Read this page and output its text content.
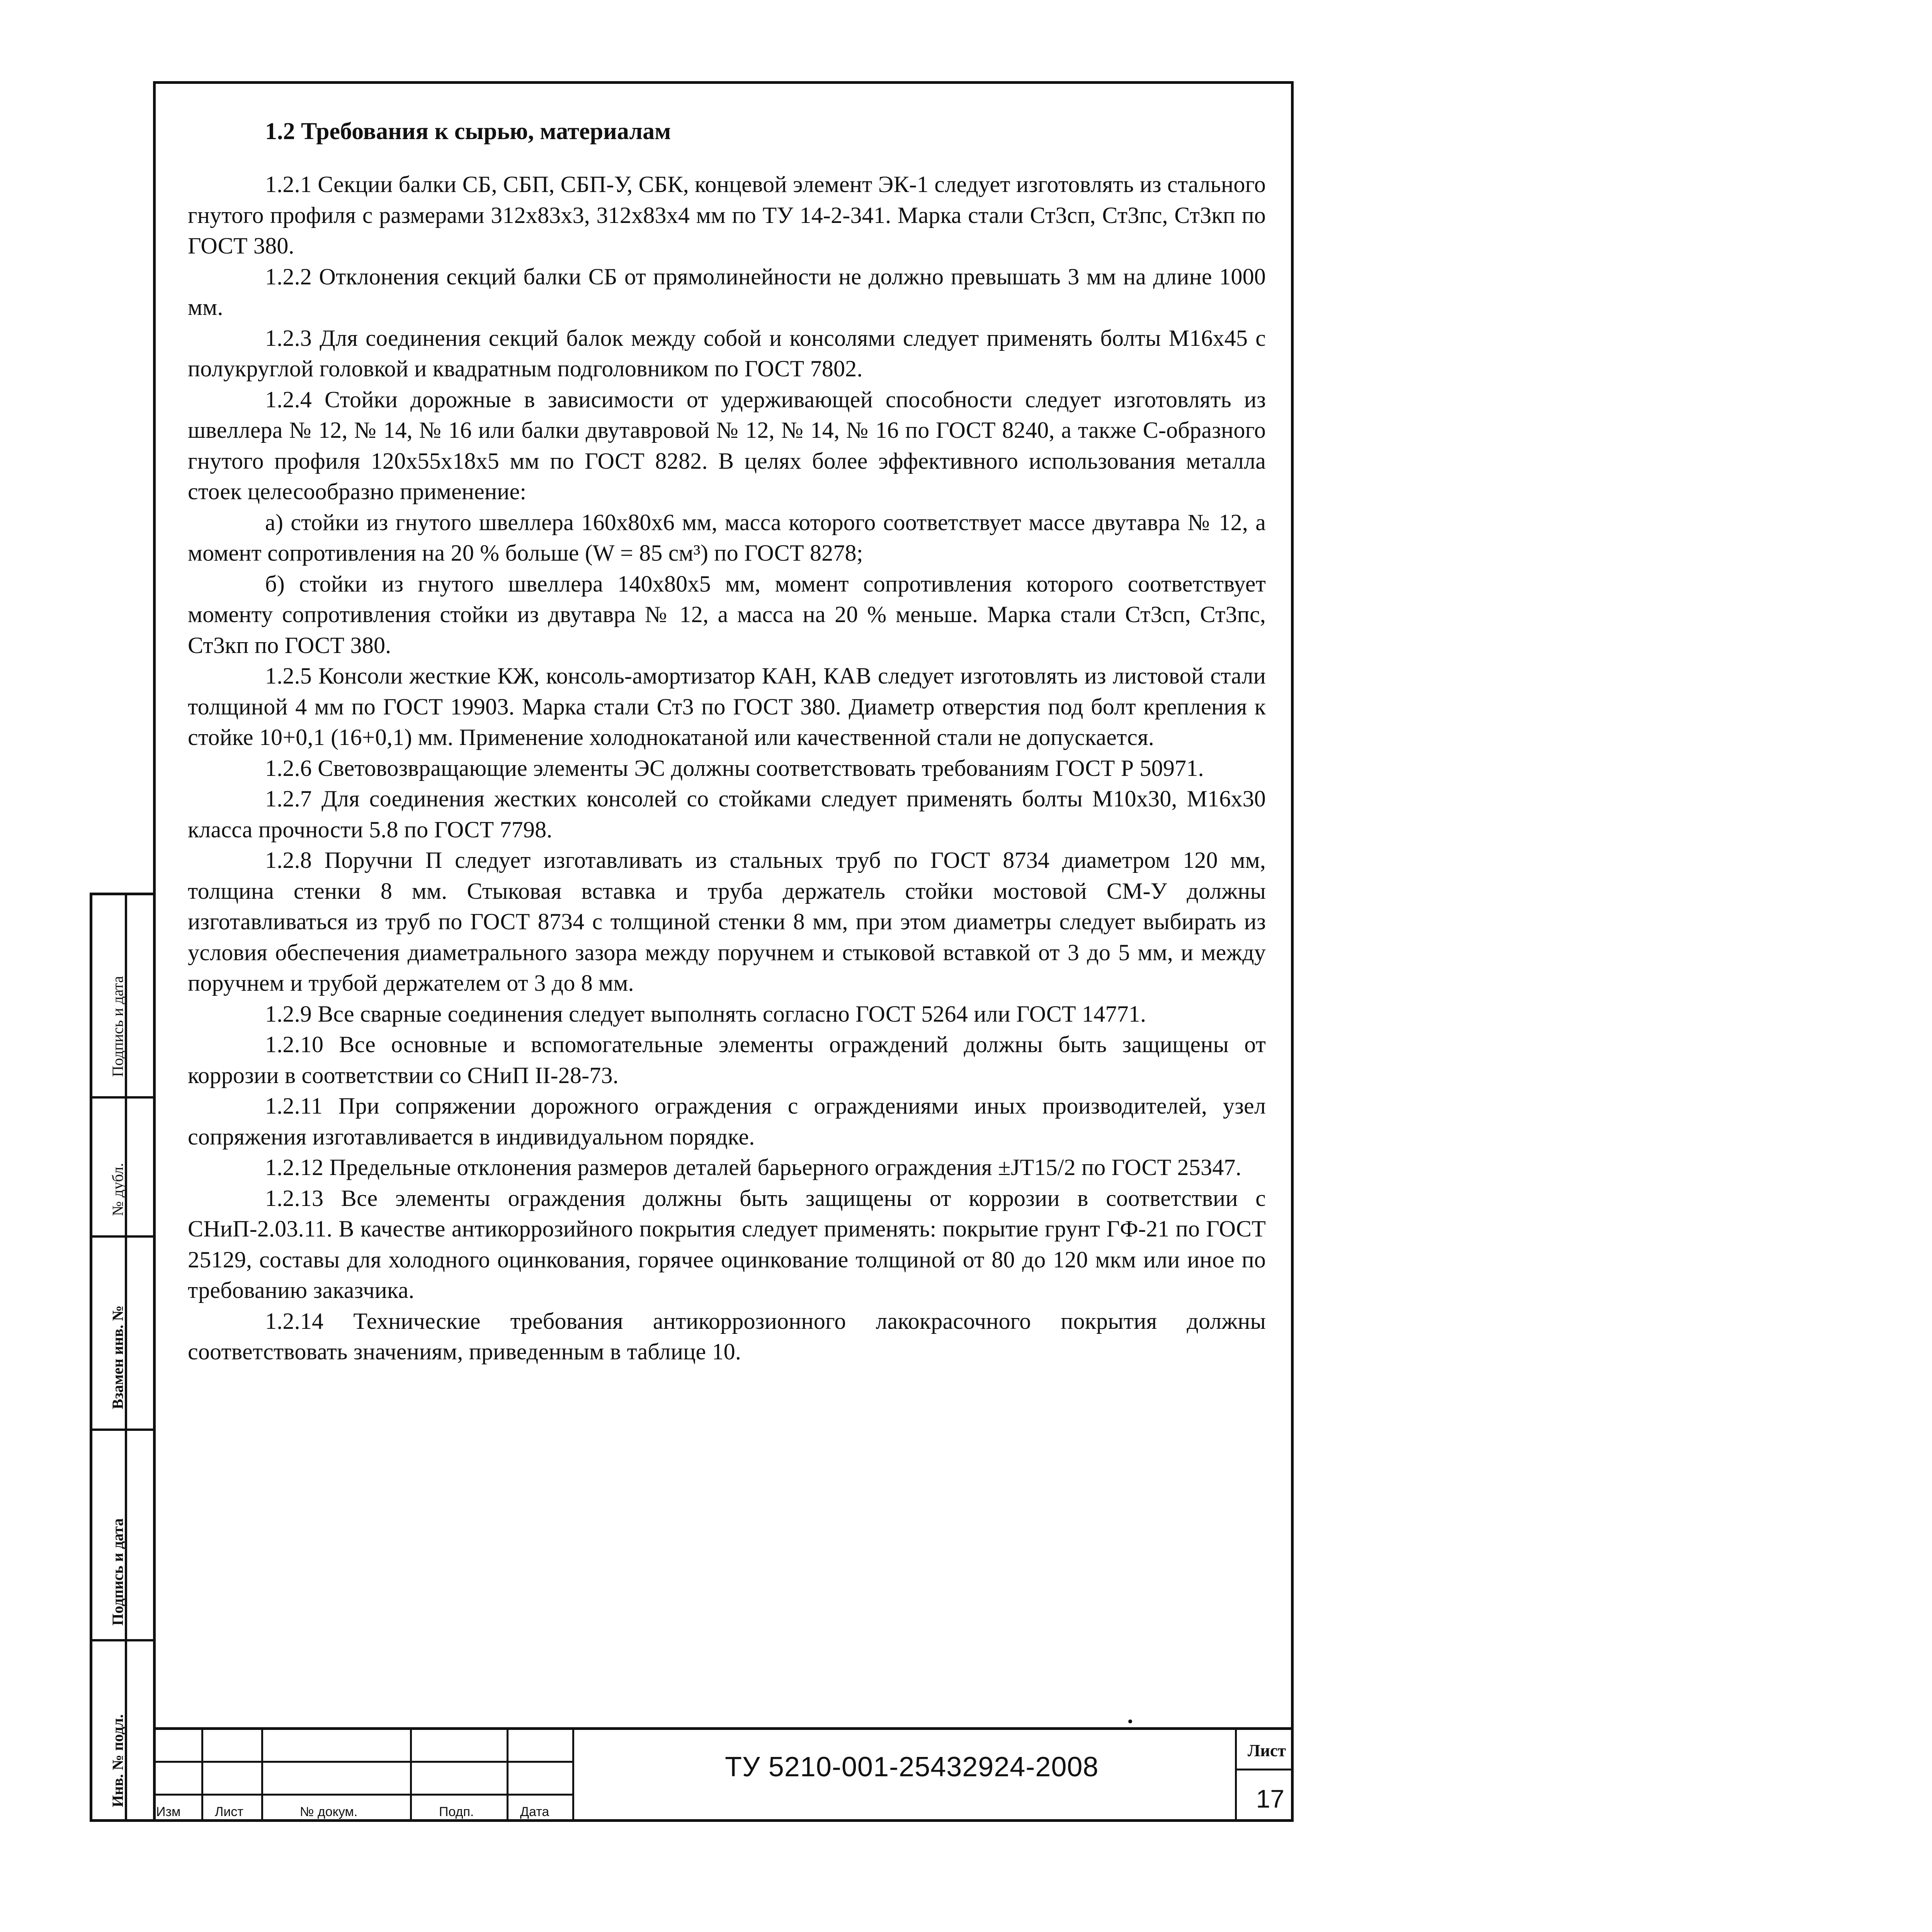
Подпись и дата
№ дубл.
Взамен инв. №
Подпись и дата
Инв. № подл.
1.2 Требования к сырью, материалам

1.2.1 Секции балки СБ, СБП, СБП-У, СБК, концевой элемент ЭК-1 следует изготовлять из стального гнутого профиля с размерами 312х83х3, 312х83х4 мм по ТУ 14-2-341. Марка стали Ст3сп, Ст3пс, Ст3кп по ГОСТ 380.

1.2.2 Отклонения секций балки СБ от прямолинейности не должно превышать 3 мм на длине 1000 мм.

1.2.3 Для соединения секций балок между собой и консолями следует применять болты М16х45 с полукруглой головкой и квадратным подголовником по ГОСТ 7802.

1.2.4 Стойки дорожные в зависимости от удерживающей способности следует изготовлять из швеллера № 12, № 14, № 16 или балки двутавровой № 12, № 14, № 16 по ГОСТ 8240, а также С-образного гнутого профиля 120х55х18х5 мм по ГОСТ 8282. В целях более эффективного использования металла стоек целесообразно применение:

а) стойки из гнутого швеллера 160х80х6 мм, масса которого соответствует массе двутавра № 12, а момент сопротивления на 20 % больше (W = 85 см³) по ГОСТ 8278;

б) стойки из гнутого швеллера 140х80х5 мм, момент сопротивления которого соответствует моменту сопротивления стойки из двутавра № 12, а масса на 20 % меньше. Марка стали Ст3сп, Ст3пс, Ст3кп по ГОСТ 380.

1.2.5 Консоли жесткие КЖ, консоль-амортизатор КАН, КАВ следует изготовлять из листовой стали толщиной 4 мм по ГОСТ 19903. Марка стали Ст3 по ГОСТ 380. Диаметр отверстия под болт крепления к стойке 10+0,1 (16+0,1) мм. Применение холоднокатаной или качественной стали не допускается.

1.2.6 Световозвращающие элементы ЭС должны соответствовать требованиям ГОСТ Р 50971.

1.2.7 Для соединения жестких консолей со стойками следует применять болты М10х30, М16х30 класса прочности 5.8 по ГОСТ 7798.

1.2.8 Поручни П следует изготавливать из стальных труб по ГОСТ 8734 диаметром 120 мм, толщина стенки 8 мм. Стыковая вставка и труба держатель стойки мостовой СМ-У должны изготавливаться из труб по ГОСТ 8734 с толщиной стенки 8 мм, при этом диаметры следует выбирать из условия обеспечения диаметрального зазора между поручнем и стыковой вставкой от 3 до 5 мм, и между поручнем и трубой держателем от 3 до 8 мм.

1.2.9 Все сварные соединения следует выполнять согласно ГОСТ 5264 или ГОСТ 14771.

1.2.10 Все основные и вспомогательные элементы ограждений должны быть защищены от коррозии в соответствии со СНиП II-28-73.

1.2.11 При сопряжении дорожного ограждения с ограждениями иных производителей, узел сопряжения изготавливается в индивидуальном порядке.

1.2.12 Предельные отклонения размеров деталей барьерного ограждения ±JT15/2 по ГОСТ 25347.

1.2.13 Все элементы ограждения должны быть защищены от коррозии в соответствии с СНиП-2.03.11. В качестве антикоррозийного покрытия следует применять: покрытие грунт ГФ-21 по ГОСТ 25129, составы для холодного оцинкования, горячее оцинкование толщиной от 80 до 120 мкм или иное по требованию заказчика.

1.2.14 Технические требования антикоррозионного лакокрасочного покрытия должны соответствовать значениям, приведенным в таблице 10.

Изм	Лист	№ докум.	Подп.	Дата
ТУ 5210-001-25432924-2008
Лист
17
